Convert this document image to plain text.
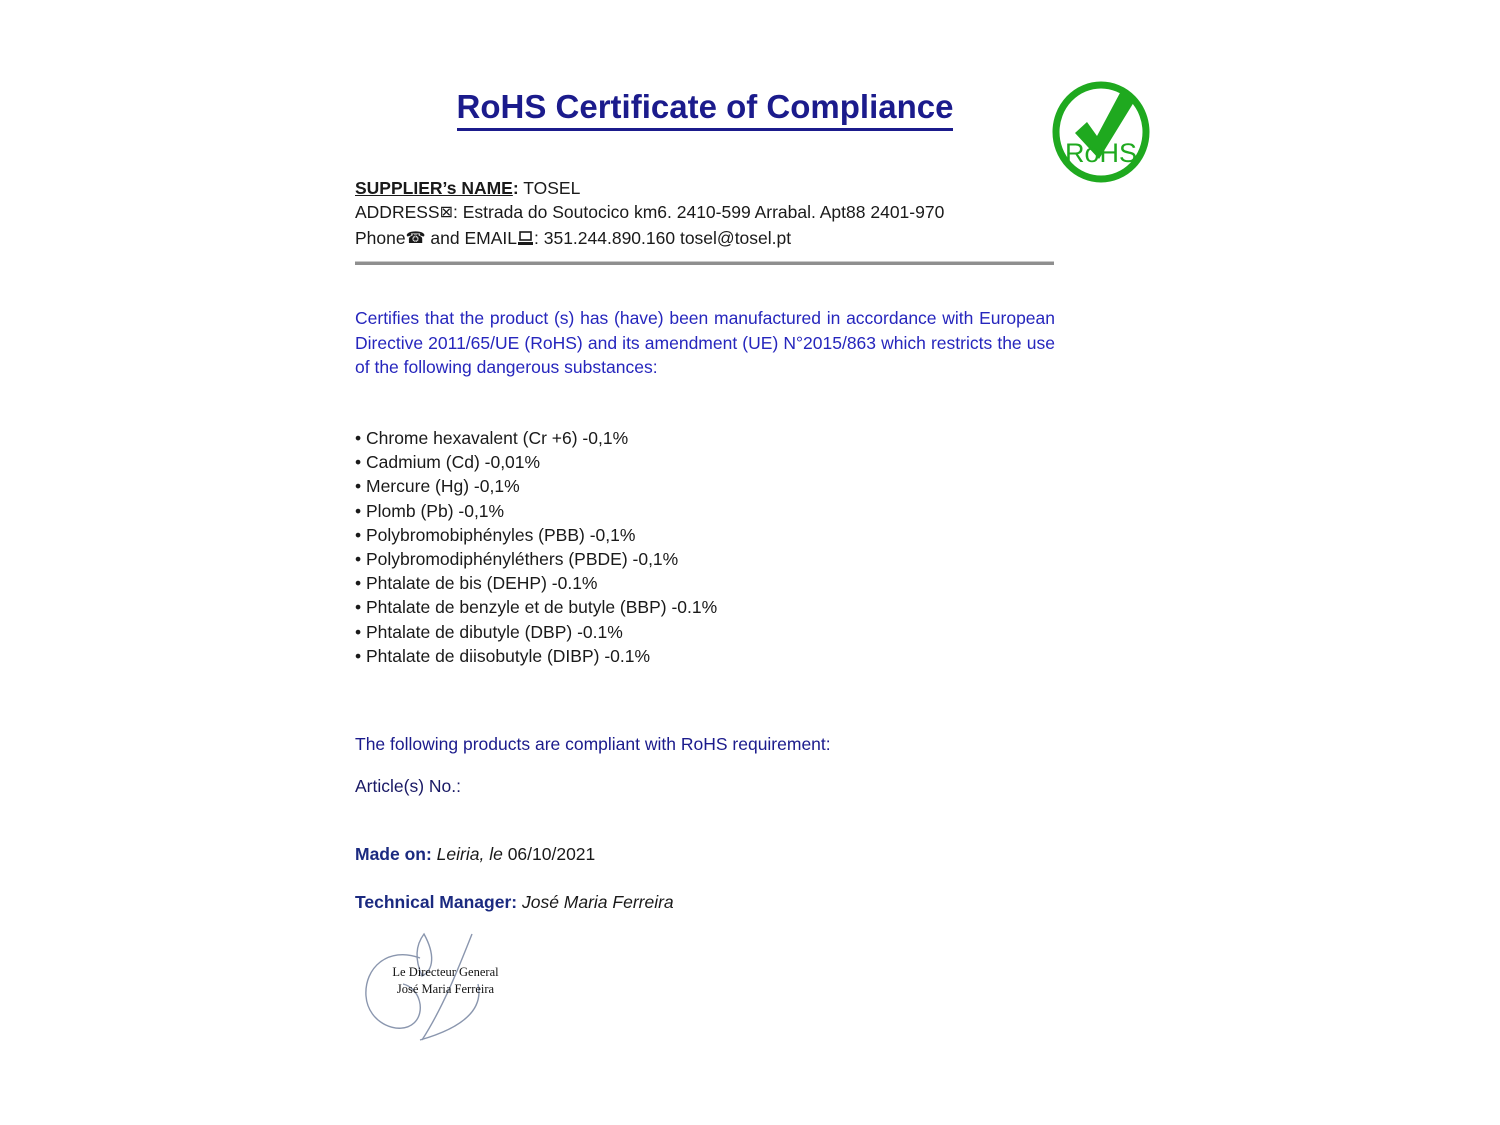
RoHS Certificate of Compliance
RoHS
SUPPLIER’s NAME: TOSEL
ADDRESS⊠: Estrada do Soutocico km6. 2410-599 Arrabal. Apt88 2401-970
Phone☎ and EMAIL : 351.244.890.160 tosel@tosel.pt
Certifies that the product (s) has (have) been manufactured in accordance with European Directive 2011/65/UE (RoHS) and its amendment (UE) N°2015/863 which restricts the use of the following dangerous substances:
• Chrome hexavalent (Cr +6) -0,1%
• Cadmium (Cd) -0,01%
• Mercure (Hg) -0,1%
• Plomb (Pb) -0,1%
• Polybromobiphényles (PBB) -0,1%
• Polybromodiphényléthers (PBDE) -0,1%
• Phtalate de bis (DEHP) -0.1%
• Phtalate de benzyle et de butyle (BBP) -0.1%
• Phtalate de dibutyle (DBP) -0.1%
• Phtalate de diisobutyle (DIBP) -0.1%
The following products are compliant with RoHS requirement:
Article(s) No.:
Made on: Leiria, le 06/10/2021
Technical Manager: José Maria Ferreira
Le Directeur General
José Maria Ferreira
